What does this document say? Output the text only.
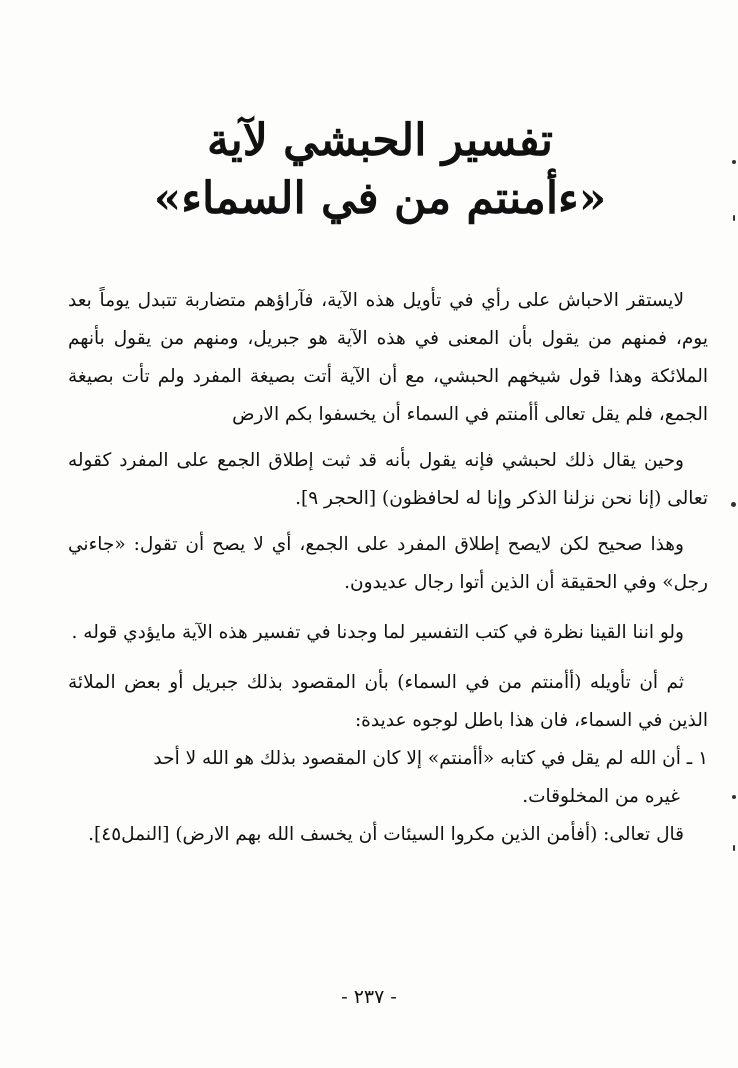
تفسير الحبشي لآية
«ءأمنتم من في السماء»

لايستقر الاحباش على رأي في تأويل هذه الآية، فآراؤهم متضاربة تتبدل يوماً بعد يوم، فمنهم من يقول بأن المعنى في هذه الآية هو جبريل، ومنهم من يقول بأنهم الملائكة وهذا قول شيخهم الحبشي، مع أن الآية أتت بصيغة المفرد ولم تأت بصيغة الجمع، فلم يقل تعالى أأمنتم في السماء أن يخسفوا بكم الارض

وحين يقال ذلك لحبشي فإنه يقول بأنه قد ثبت إطلاق الجمع على المفرد كقوله تعالى (إنا نحن نزلنا الذكر وإنا له لحافظون) [الحجر ٩].

وهذا صحيح لكن لايصح إطلاق المفرد على الجمع، أي لا يصح أن تقول: «جاءني رجل» وفي الحقيقة أن الذين أتوا رجال عديدون.

ولو اننا القينا نظرة في كتب التفسير لما وجدنا في تفسير هذه الآية مايؤدي قوله .

ثم أن تأويله (أأمنتم من في السماء) بأن المقصود بذلك جبريل أو بعض الملائة الذين في السماء، فان هذا باطل لوجوه عديدة:

١ ـ أن الله لم يقل في كتابه «أأمنتم» إلا كان المقصود بذلك هو الله لا أحد

غيره من المخلوقات.

قال تعالى: (أفأمن الذين مكروا السيئات أن يخسف الله بهم الارض) [النمل٤٥].

- ٢٣٧ -
